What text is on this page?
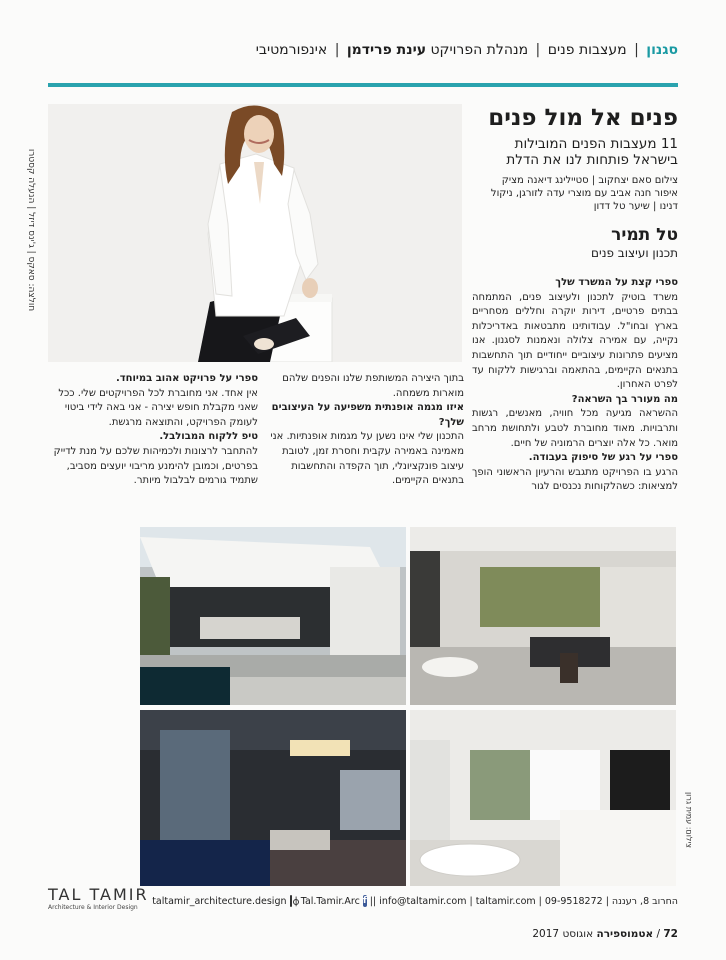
סגנון | מעצבות פנים | מנהלת הפרויקט עינת פרידמן | אינפורמטיבי
חולצה: סאקס | ג'ינס דיזל | הנעלה קסטרו
פנים אל מול פנים
11 מעצבות הפנים המובילות בישראל פותחות לנו את הדלת
צילום סאם יצחקוב | סטיילינג דיאנה מציק
איפור חנה אביב עם מוצרי עדה לזורגן, ניקול דנינו | שיער טל דדון
טל תמיר
תכנון ועיצוב פנים
ספרי קצת על המשרד שלך
משרד בוטיק לתכנון ולעיצוב פנים, המתמחה בבתים פרטיים, דירות יוקרה וחללים מסחריים בארץ ובחו"ל. עבודותינו מתבטאות באדריכלות נקייה, עם אמירה צלולה ונאמנות לסגנון. אנו מציעים פתרונות עיצוביים ייחודיים תוך התחשבות בתנאים הקיימים, בהתאמה וברגישות ללקוח עד לפרט האחרון.
מה מעורר בך השראה?
ההשראה מגיעה מכל חוויה, מאנשים, רגשות ותרבויות. מאוד מחוברת לטבע ולתחושת מרחב מואר. כל אלה יוצרים הרמוניה של חיים.
ספרי על רגע של סיפוק בעבודה.
הרגע בו הפרויקט מתגבש והרעיון הראשוני הופך למציאות: כשהלקוחות נכנסים לגור
בתוך היצירה המשותפת שלנו והפנים שלהם מוארות משמחה.
איזו מגמה אופנתית משפיעה על העיצובים שלך?
התכנון שלי אינו נשען על מגמות אופנתיות. אני מאמינה באמירה עקבית וחסרת זמן, לטובת עיצוב פונקציונלי, תוך הקפדה והתחשבות בתנאים הקיימים.
ספרי על פרויקט אהוב במיוחד.
אין אחד. אני מחוברת לכל הפרויקטים שלי. ככל שאני מקבלת חופש יצירה - אני באה לידי ביטוי לעומק הפרויקט, והתוצאה מרגשת.
טיפ ללקוח המבולבל.
להתחבר לרצונות ולכמיהות שלכם על מנת לדייק בפרטים, וכמובן להימנע מריבוי יועצים מסביב, שתמיד גורמים לבלבול מיותר.
צילום: עמית גרון
TAL TAMIR
Architecture & Interior Design
החרוב 8, רעננה
|
09-9518272
|
taltamir.com
|
info@taltamir.com
||
f
Tal.Tamir.Arc
|
taltamir_architecture.design
72 / אטמוספירה אוגוסט 2017
